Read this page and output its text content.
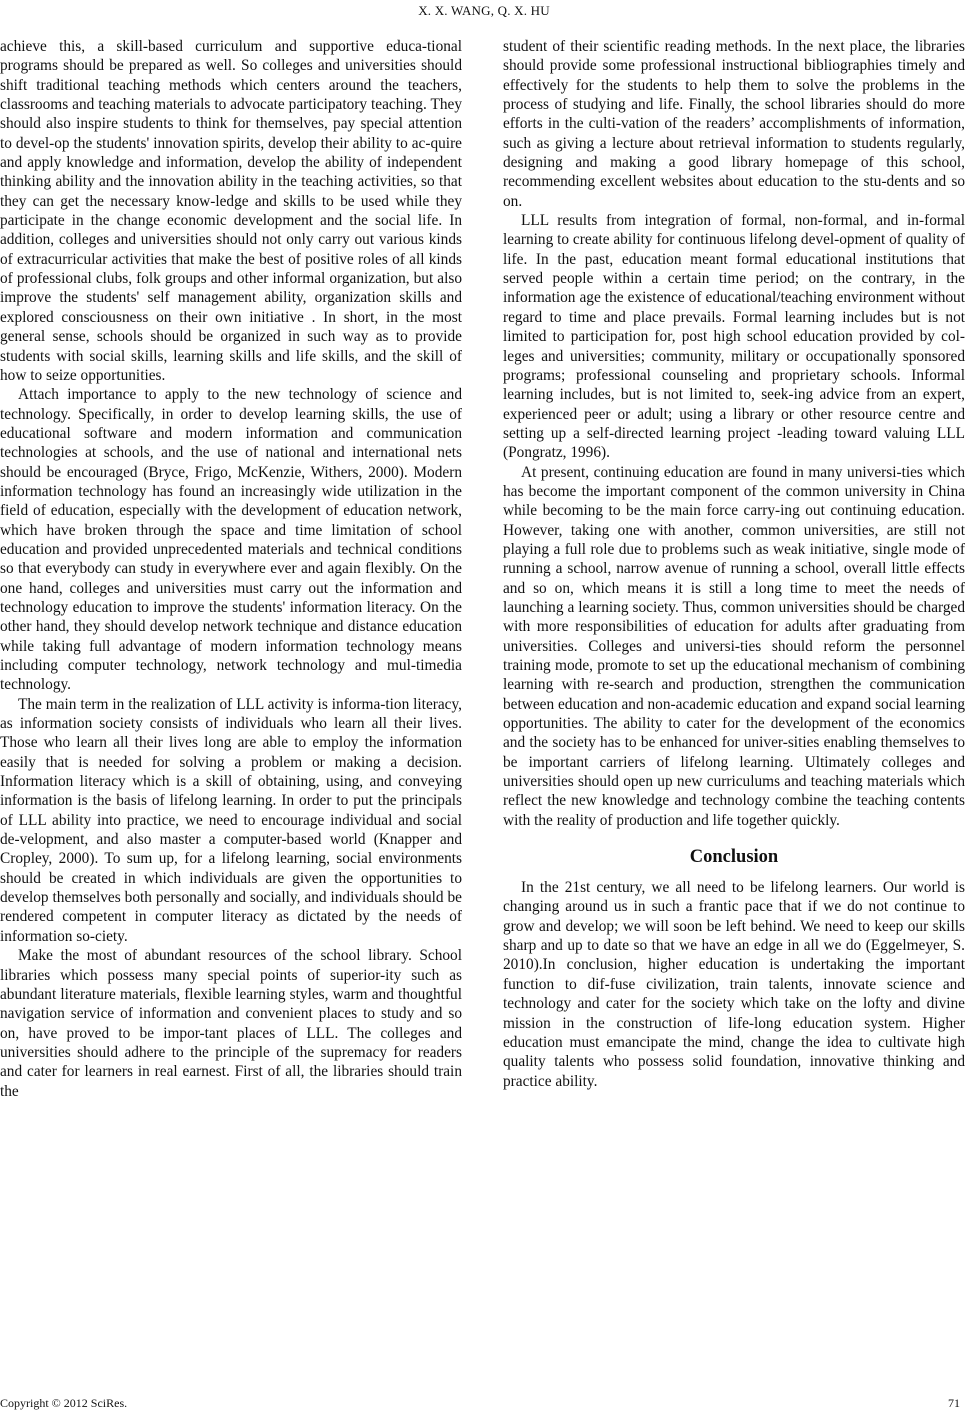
X. X. WANG, Q. X. HU

achieve this, a skill-based curriculum and supportive educa-tional programs should be prepared as well. So colleges and universities should shift traditional teaching methods which centers around the teachers, classrooms and teaching materials to advocate participatory teaching. They should also inspire students to think for themselves, pay special attention to devel-op the students' innovation spirits, develop their ability to ac-quire and apply knowledge and information, develop the ability of independent thinking ability and the innovation ability in the teaching activities, so that they can get the necessary know-ledge and skills to be used while they participate in the change economic development and the social life. In addition, colleges and universities should not only carry out various kinds of extracurricular activities that make the best of positive roles of all kinds of professional clubs, folk groups and other informal organization, but also improve the students' self management ability, organization skills and explored consciousness on their own initiative . In short, in the most general sense, schools should be organized in such way as to provide students with social skills, learning skills and life skills, and the skill of how to seize opportunities.

Attach importance to apply to the new technology of science and technology. Specifically, in order to develop learning skills, the use of educational software and modern information and communication technologies at schools, and the use of national and international nets should be encouraged (Bryce, Frigo, McKenzie, Withers, 2000). Modern information technology has found an increasingly wide utilization in the field of education, especially with the development of education network, which have broken through the space and time limitation of school education and provided unprecedented materials and technical conditions so that everybody can study in everywhere ever and again flexibly. On the one hand, colleges and universities must carry out the information and technology education to improve the students' information literacy. On the other hand, they should develop network technique and distance education while taking full advantage of modern information technology means including computer technology, network technology and mul-timedia technology.

The main term in the realization of LLL activity is informa-tion literacy, as information society consists of individuals who learn all their lives. Those who learn all their lives long are able to employ the information easily that is needed for solving a problem or making a decision. Information literacy which is a skill of obtaining, using, and conveying information is the basis of lifelong learning. In order to put the principals of LLL ability into practice, we need to encourage individual and social de-velopment, and also master a computer-based world (Knapper and Cropley, 2000). To sum up, for a lifelong learning, social environments should be created in which individuals are given the opportunities to develop themselves both personally and socially, and individuals should be rendered competent in computer literacy as dictated by the needs of information so-ciety.

Make the most of abundant resources of the school library. School libraries which possess many special points of superior-ity such as abundant literature materials, flexible learning styles, warm and thoughtful navigation service of information and convenient places to study and so on, have proved to be impor-tant places of LLL. The colleges and universities should adhere to the principle of the supremacy for readers and cater for learners in real earnest. First of all, the libraries should train the

student of their scientific reading methods. In the next place, the libraries should provide some professional instructional bibliographies timely and effectively for the students to help them to solve the problems in the process of studying and life. Finally, the school libraries should do more efforts in the culti-vation of the readers’ accomplishments of information, such as giving a lecture about retrieval information to students regularly, designing and making a good library homepage of this school, recommending excellent websites about education to the stu-dents and so on.

LLL results from integration of formal, non-formal, and in-formal learning to create ability for continuous lifelong devel-opment of quality of life. In the past, education meant formal educational institutions that served people within a certain time period; on the contrary, in the information age the existence of educational/teaching environment without regard to time and place prevails. Formal learning includes but is not limited to participation for, post high school education provided by col-leges and universities; community, military or occupationally sponsored programs; professional counseling and proprietary schools. Informal learning includes, but is not limited to, seek-ing advice from an expert, experienced peer or adult; using a library or other resource centre and setting up a self-directed learning project -leading toward valuing LLL (Pongratz, 1996).

At present, continuing education are found in many universi-ties which has become the important component of the common university in China while becoming to be the main force carry-ing out continuing education. However, taking one with another, common universities, are still not playing a full role due to problems such as weak initiative, single mode of running a school, narrow avenue of running a school, overall little effects and so on, which means it is still a long time to meet the needs of launching a learning society. Thus, common universities should be charged with more responsibilities of education for adults after graduating from universities. Colleges and universi-ties should reform the personnel training mode, promote to set up the educational mechanism of combining learning with re-search and production, strengthen the communication between education and non-academic education and expand social learning opportunities. The ability to cater for the development of the economics and the society has to be enhanced for univer-sities enabling themselves to be important carriers of lifelong learning. Ultimately colleges and universities should open up new curriculums and teaching materials which reflect the new knowledge and technology combine the teaching contents with the reality of production and life together quickly.

Conclusion

In the 21st century, we all need to be lifelong learners. Our world is changing around us in such a frantic pace that if we do not continue to grow and develop; we will soon be left behind. We need to keep our skills sharp and up to date so that we have an edge in all we do (Eggelmeyer, S. 2010).In conclusion, higher education is undertaking the important function to dif-fuse civilization, train talents, innovate science and technology and cater for the society which take on the lofty and divine mission in the construction of life-long education system. Higher education must emancipate the mind, change the idea to cultivate high quality talents who possess solid foundation, innovative thinking and practice ability.

Copyright © 2012 SciRes.	71
